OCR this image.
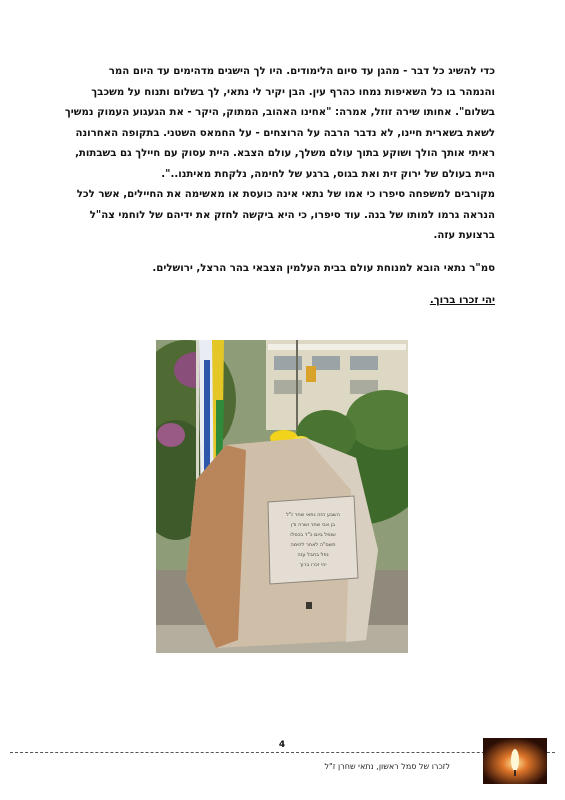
כדי להשיג כל דבר - מהגן עד סיום הלימודים. היו לך הישגים מדהימים עד היום המר
והנמהר בו כל השאיפות נמחו כהרף עין. הבן יקיר לי נתאי, לך בשלום ותנוח על משכבך
בשלום". אחותו שירה זוזל, אמרה: "אחינו האהוב, המתוק, היקר - את הגעגוע העמוק נמשיך
לשאת בשארית חיינו, לא נדבר הרבה על הרוצחים - על החמאס השטני. בתקופה האחרונה
ראיתי אותך הולך ושוקע בתוך עולם משלך, עולם הצבא. היית עסוק עם חיילך גם בשבתות,
היית בעולם של ירוק זית ואת בגוס, ברגע של לחימה, נלקחת מאיתנו..".
מקורבים למשפחה סיפרו כי אמו של נתאי אינה כועסת או מאשימה את החיילים, אשר לכל
הנראה גרמו למותו של בנה. עוד סיפרו, כי היא ביקשה לחזק את ידיהם של לוחמי צה"ל
ברצועת עזה.
סמ"ר נתאי הובא למנוחת עולם בבית העלמין הצבאי בהר הרצל, ירושלים.
יהי זכרו ברוך.
השבע הזה נתאי שחר ז"ל
בן אבי שחר ושרה ודן
שנפל ביום כ"ד בכסלו
תשס"ה לאחר לחימה
נפל בחבל עזה
יהי זכרו ברוך
4
לזכרו של סמל ראשון, נתאי שחרן ז"ל
